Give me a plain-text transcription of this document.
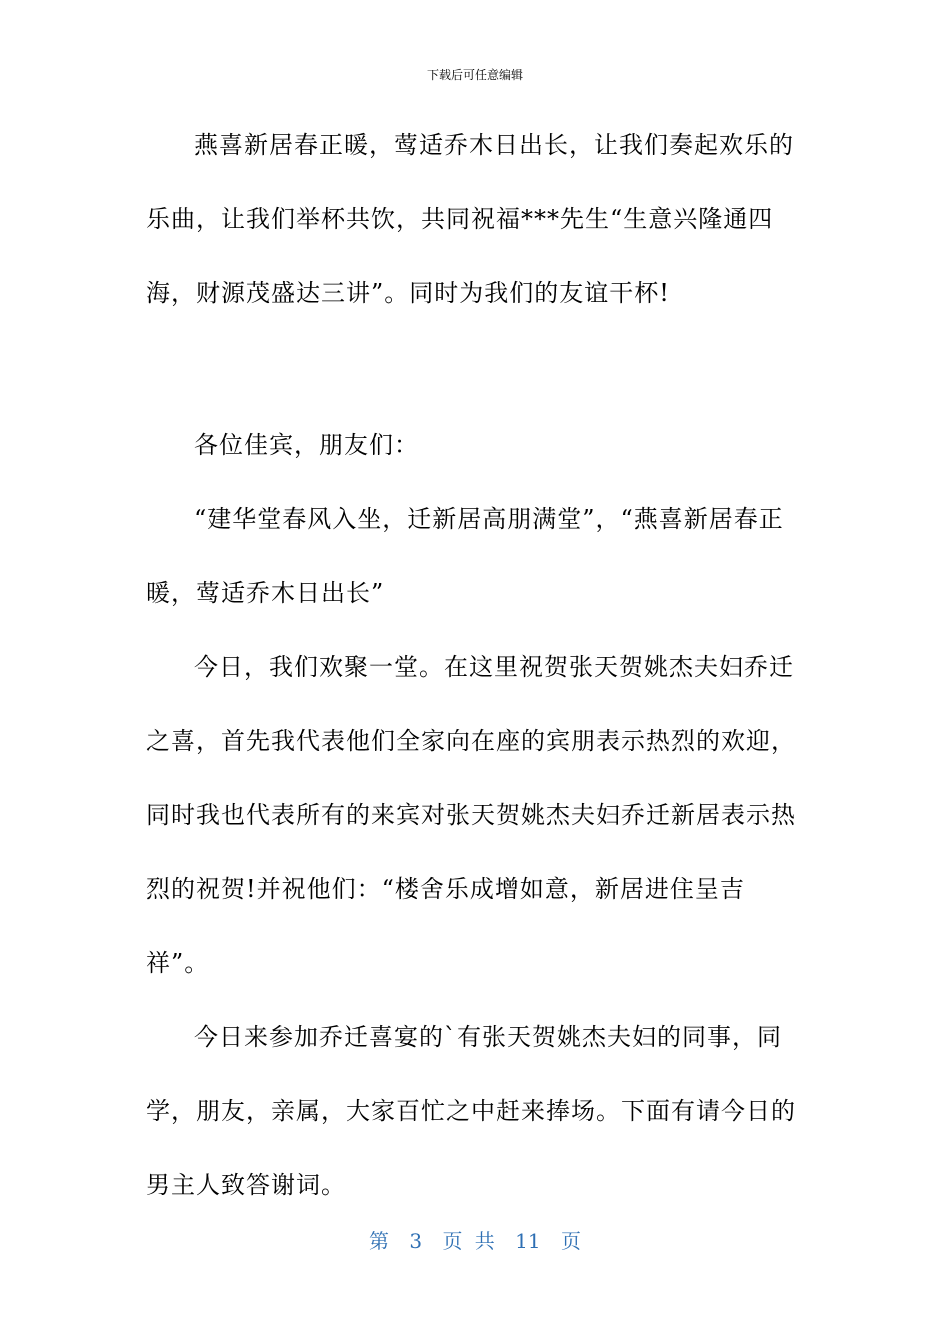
下载后可任意编辑

燕喜新居春正暖，莺适乔木日出长，让我们奏起欢乐的乐曲，让我们举杯共饮，共同祝福***先生“生意兴隆通四海，财源茂盛达三讲”。同时为我们的友谊干杯!

各位佳宾，朋友们：

“建华堂春风入坐，迁新居高朋满堂”，“燕喜新居春正暖，莺适乔木日出长”

今日，我们欢聚一堂。在这里祝贺张天贺姚杰夫妇乔迁之喜，首先我代表他们全家向在座的宾朋表示热烈的欢迎，同时我也代表所有的来宾对张天贺姚杰夫妇乔迁新居表示热烈的祝贺!并祝他们：“楼舍乐成增如意，新居进住呈吉祥”。

今日来参加乔迁喜宴的`有张天贺姚杰夫妇的同事，同学，朋友，亲属，大家百忙之中赶来捧场。下面有请今日的男主人致答谢词。

第 3 页 共 11 页
